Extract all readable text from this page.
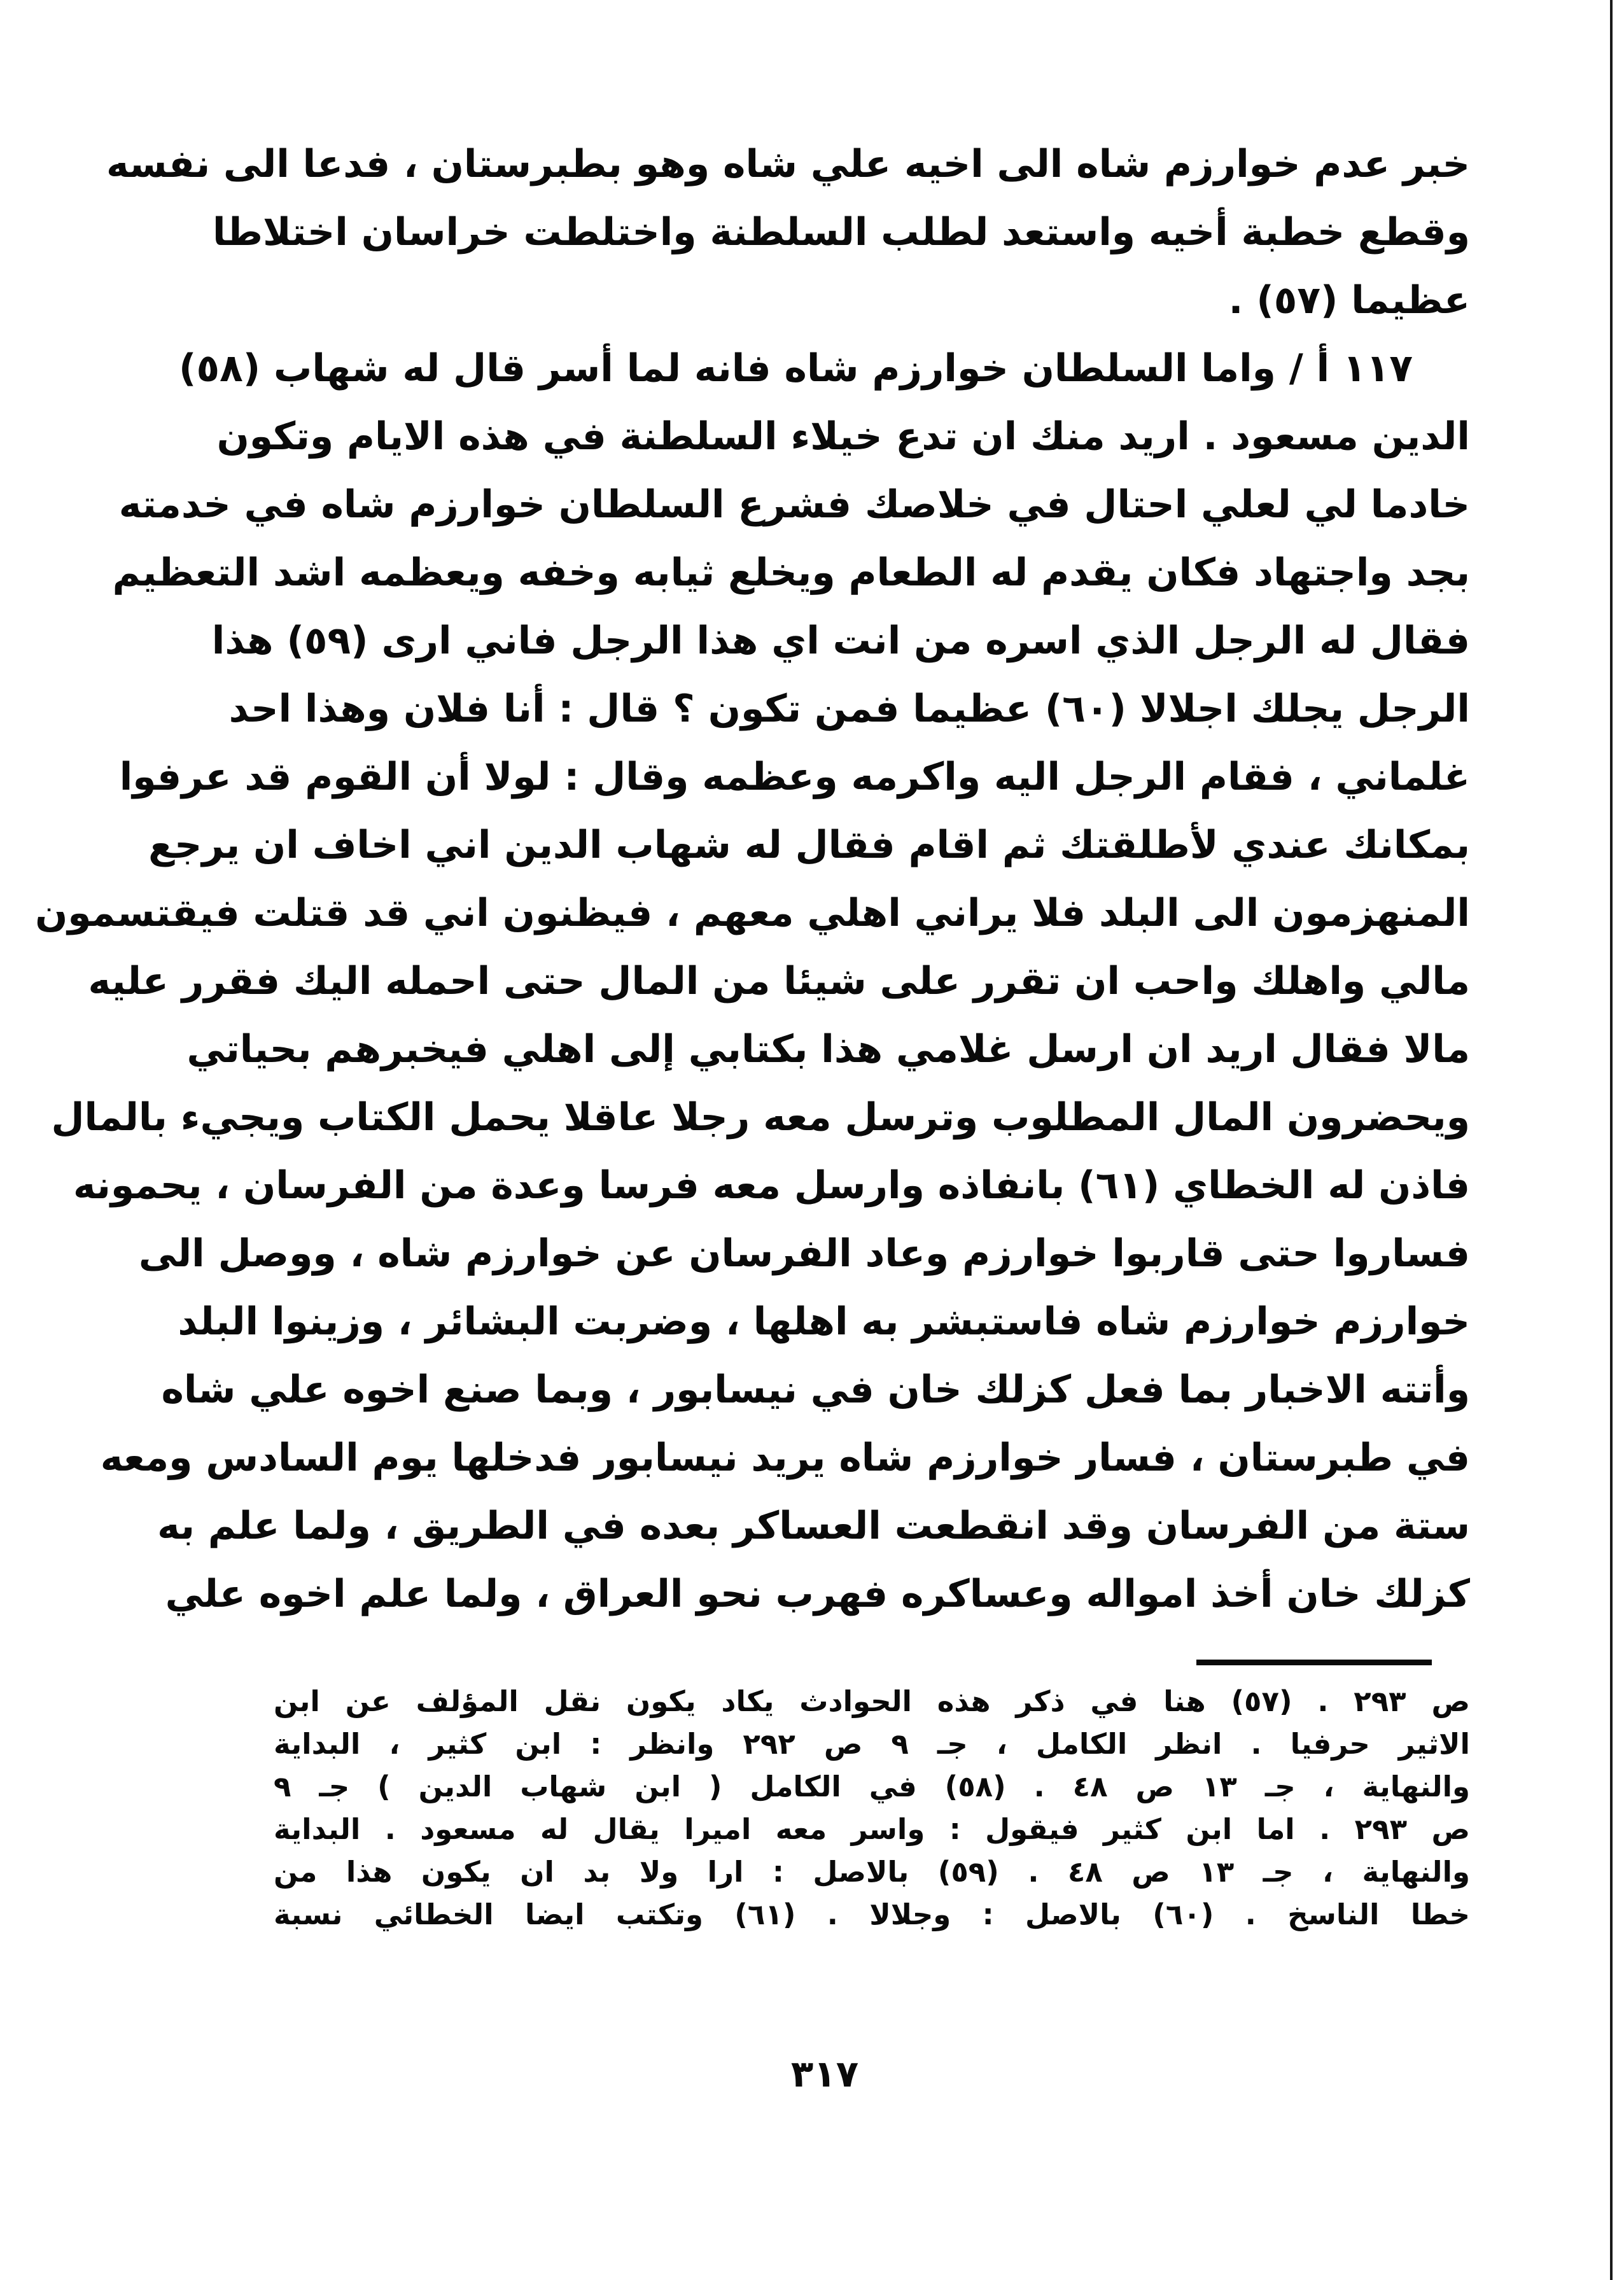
خبر عدم خوارزم شاه الى اخيه علي شاه وهو بطبرستان ، فدعا الى نفسه
وقطع خطبة أخيه واستعد لطلب السلطنة واختلطت خراسان اختلاطا
عظيما (٥٧) .
١١٧ أ / واما السلطان خوارزم شاه فانه لما أسر قال له شهاب (٥٨)
الدين مسعود . اريد منك ان تدع خيلاء السلطنة في هذه الايام وتكون
خادما لي لعلي احتال في خلاصك فشرع السلطان خوارزم شاه في خدمته
بجد واجتهاد فكان يقدم له الطعام ويخلع ثيابه وخفه ويعظمه اشد التعظيم
فقال له الرجل الذي اسره من انت اي هذا الرجل فاني ارى (٥٩) هذا
الرجل يجلك اجلالا (٦٠) عظيما فمن تكون ؟ قال : أنا فلان وهذا احد
غلماني ، فقام الرجل اليه واكرمه وعظمه وقال : لولا أن القوم قد عرفوا
بمكانك عندي لأطلقتك ثم اقام فقال له شهاب الدين اني اخاف ان يرجع
المنهزمون الى البلد فلا يراني اهلي معهم ، فيظنون اني قد قتلت فيقتسمون
مالي واهلك واحب ان تقرر على شيئا من المال حتى احمله اليك فقرر عليه
مالا فقال اريد ان ارسل غلامي هذا بكتابي إلى اهلي فيخبرهم بحياتي
ويحضرون المال المطلوب وترسل معه رجلا عاقلا يحمل الكتاب ويجيء بالمال
فاذن له الخطاي (٦١) بانفاذه وارسل معه فرسا وعدة من الفرسان ، يحمونه
فساروا حتى قاربوا خوارزم وعاد الفرسان عن خوارزم شاه ، ووصل الى
خوارزم خوارزم شاه فاستبشر به اهلها ، وضربت البشائر ، وزينوا البلد
وأتته الاخبار بما فعل كزلك خان في نيسابور ، وبما صنع اخوه علي شاه
في طبرستان ، فسار خوارزم شاه يريد نيسابور فدخلها يوم السادس ومعه
ستة من الفرسان وقد انقطعت العساكر بعده في الطريق ، ولما علم به
كزلك خان أخذ امواله وعساكره فهرب نحو العراق ، ولما علم اخوه علي
ص ٢٩٣ . (٥٧) هنا في ذكر هذه الحوادث يكاد يكون نقل المؤلف عن ابن
الاثير حرفيا . انظر الكامل ، جـ ٩ ص ٢٩٢ وانظر : ابن كثير ، البداية
والنهاية ، جـ ١٣ ص ٤٨ . (٥٨) في الكامل ( ابن شهاب الدين ) جـ ٩
ص ٢٩٣ . اما ابن كثير فيقول : واسر معه اميرا يقال له مسعود . البداية
والنهاية ، جـ ١٣ ص ٤٨ . (٥٩) بالاصل : ارا ولا بد ان يكون هذا من
خطا الناسخ . (٦٠) بالاصل : وجلالا . (٦١) وتكتب ايضا الخطائي نسبة
٣١٧
